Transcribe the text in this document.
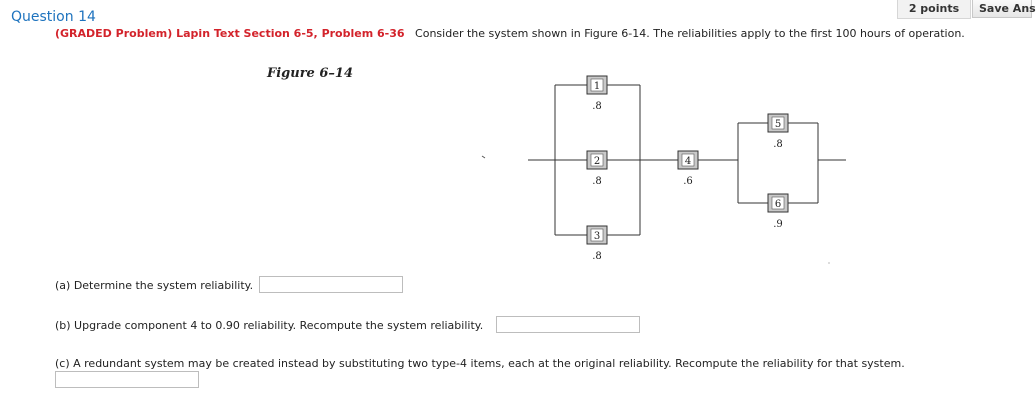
Question 14
2 points	Save Ans
(GRADED Problem) Lapin Text Section 6-5, Problem 6-36 Consider the system shown in Figure 6-14. The reliabilities apply to the first 100 hours of operation.
Figure 6–14
1
.8
2
.8
3
.8
4
.6
5
.8
6
.9
(a) Determine the system reliability.
(b) Upgrade component 4 to 0.90 reliability. Recompute the system reliability.
(c) A redundant system may be created instead by substituting two type-4 items, each at the original reliability. Recompute the reliability for that system.
